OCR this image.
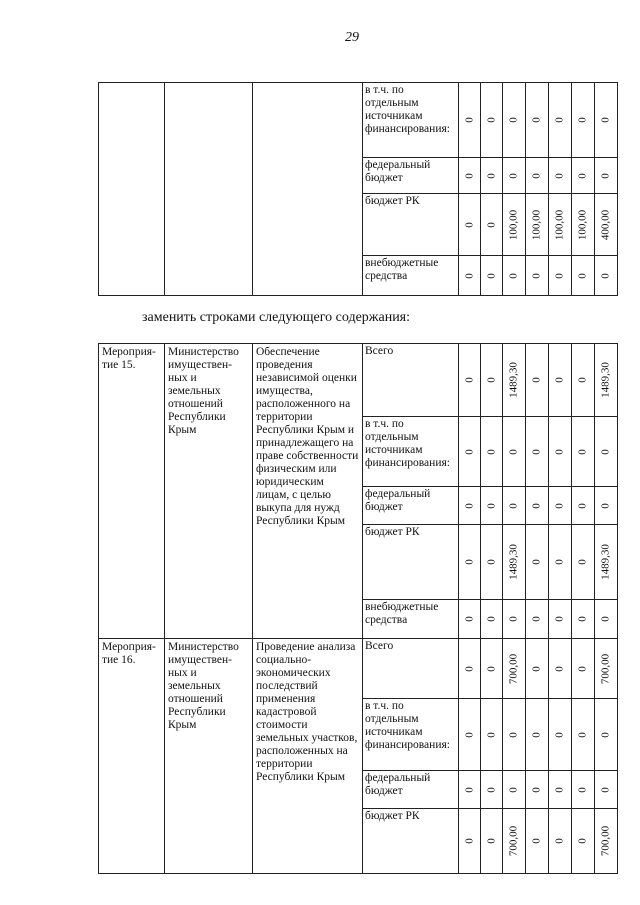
29
			в т.ч. по отдельным источникам финансирования:	0	0	0	0	0	0	0

			федеральный бюджет	0	0	0	0	0	0	0

			бюджет РК	0	0	100,00	100,00	100,00	100,00	400,00

			внебюджетные средства	0	0	0	0	0	0	0
заменить строками следующего содержания:
Мероприя-тие 15.	Министерство имуществен-ных и земельных отношений Республики Крым	Обеспечение проведения независимой оценки имущества, расположенного на территории Республики Крым и принадлежащего на праве собственности физическим или юридическим лицам, с целью выкупа для нужд Республики Крым	Всего	0	0	1489,30	0	0	0	1489,30

			в т.ч. по отдельным источникам финансирования:	0	0	0	0	0	0	0

			федеральный бюджет	0	0	0	0	0	0	0

			бюджет РК	0	0	1489,30	0	0	0	1489,30

			внебюджетные средства	0	0	0	0	0	0	0

Мероприя-тие 16.	Министерство имуществен-ных и земельных отношений Республики Крым	Проведение анализа социально-экономических последствий применения кадастровой стоимости земельных участков, расположенных на территории Республики Крым	Всего	0	0	700,00	0	0	0	700,00

			в т.ч. по отдельным источникам финансирования:	0	0	0	0	0	0	0

			федеральный бюджет	0	0	0	0	0	0	0

			бюджет РК	0	0	700,00	0	0	0	700,00
